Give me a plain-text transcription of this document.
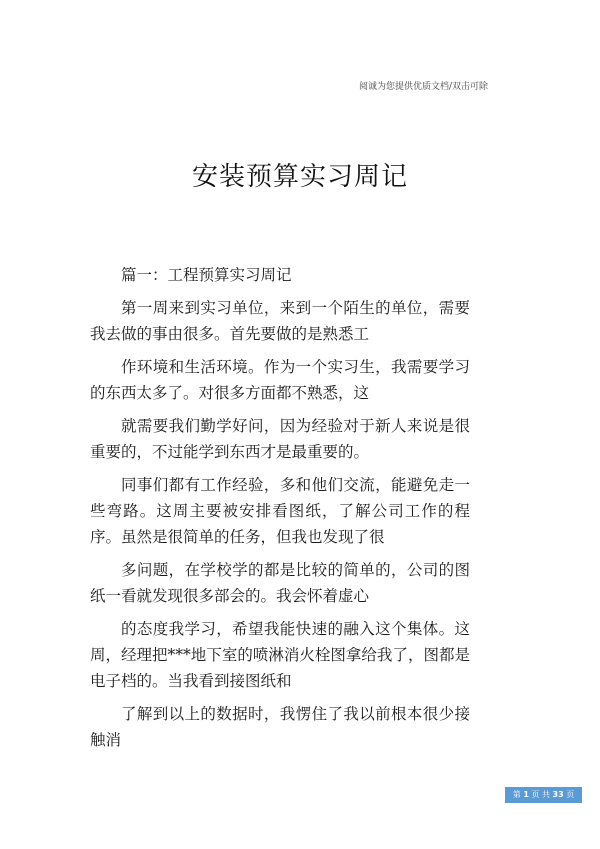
阅诚为您提供优质文档/双击可除
安装预算实习周记

篇一：工程预算实习周记

第一周来到实习单位，来到一个陌生的单位，需要我去做的事由很多。首先要做的是熟悉工

作环境和生活环境。作为一个实习生，我需要学习的东西太多了。对很多方面都不熟悉，这

就需要我们勤学好问，因为经验对于新人来说是很重要的，不过能学到东西才是最重要的。

同事们都有工作经验，多和他们交流，能避免走一些弯路。这周主要被安排看图纸，了解公司工作的程序。虽然是很简单的任务，但我也发现了很

多问题，在学校学的都是比较的简单的，公司的图纸一看就发现很多部会的。我会怀着虚心

的态度我学习，希望我能快速的融入这个集体。这周，经理把***地下室的喷淋消火栓图拿给我了，图都是电子档的。当我看到接图纸和

了解到以上的数据时，我愣住了我以前根本很少接触消

第 1 页 共 33 页
